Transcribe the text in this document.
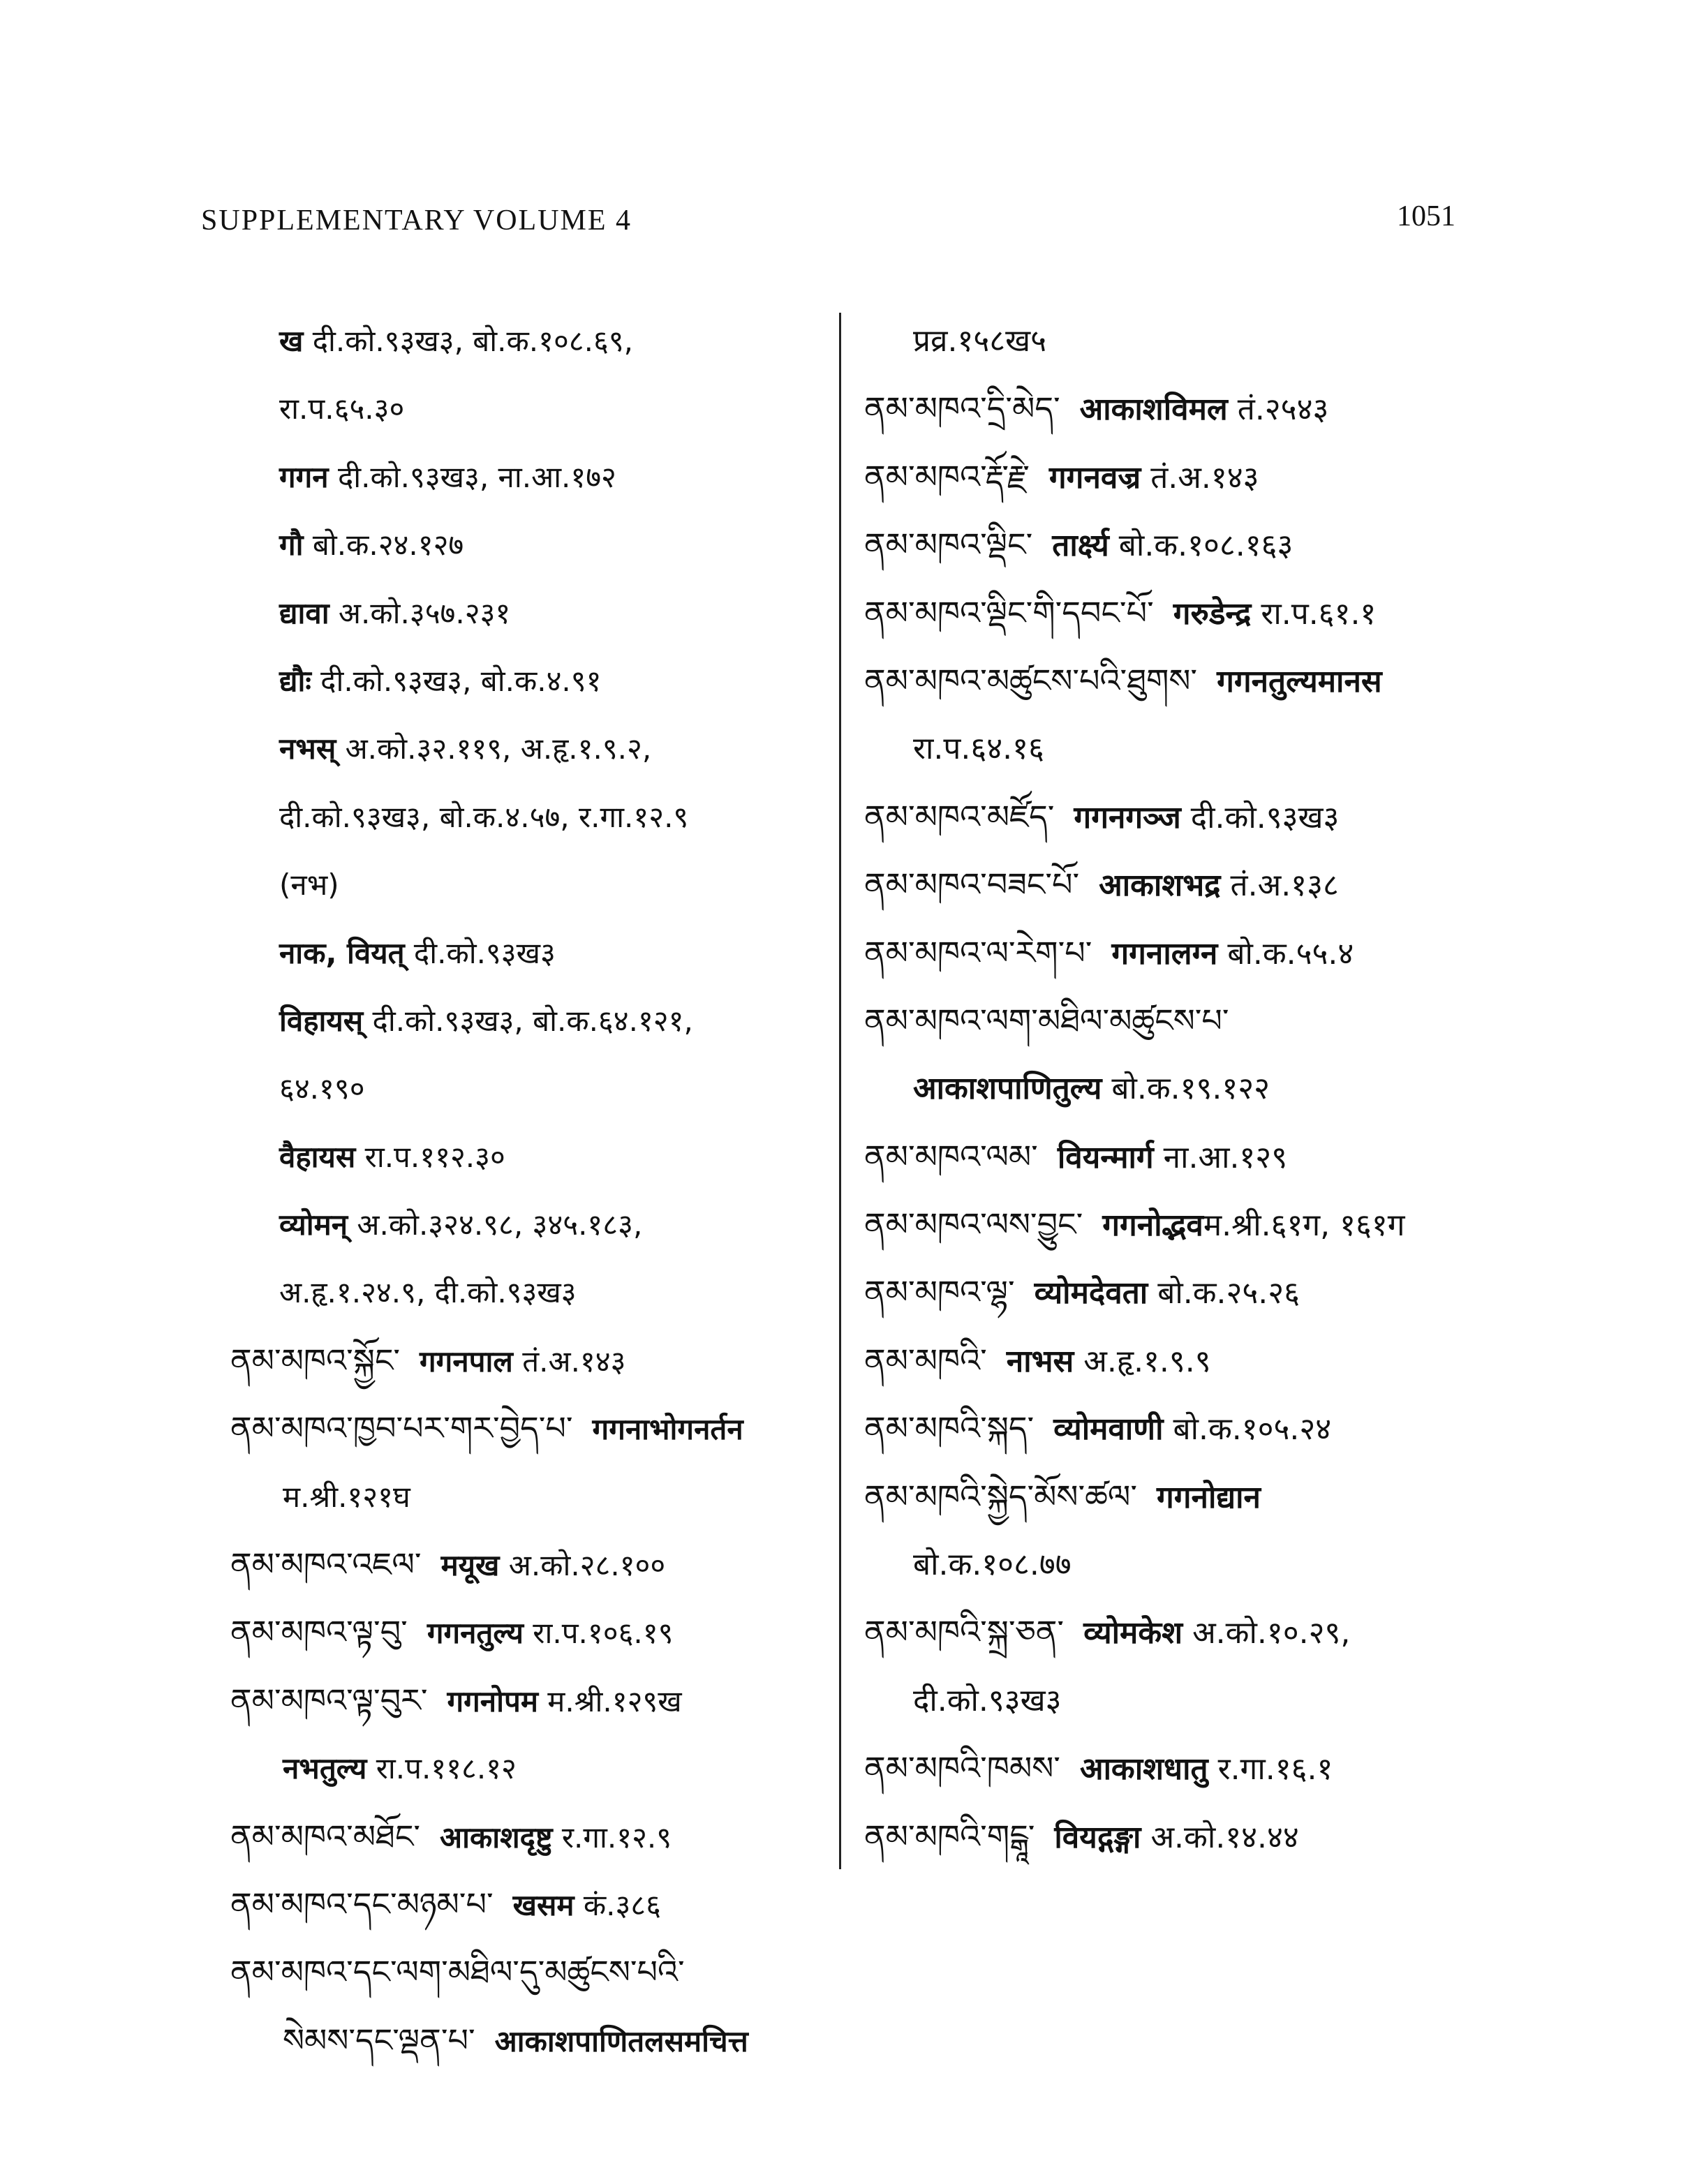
SUPPLEMENTARY VOLUME 4	1051
ख दी.को.९३ख३, बो.क.१०८.६९,
रा.प.६५.३०
गगन दी.को.९३ख३, ना.आ.१७२
गौ बो.क.२४.१२७
द्यावा अ.को.३५७.२३१
द्यौः दी.को.९३ख३, बो.क.४.९१
नभस् अ.को.३२.११९, अ.हृ.१.९.२,
दी.को.९३ख३, बो.क.४.५७, र.गा.१२.९
(नभ)
नाक, वियत् दी.को.९३ख३
विहायस् दी.को.९३ख३, बो.क.६४.१२१,
६४.१९०
वैहायस रा.प.११२.३०
व्योमन् अ.को.३२४.९८, ३४५.१८३,
अ.हृ.१.२४.९, दी.को.९३ख३
ནམ་མཁའ་སྐྱོང་ गगनपाल तं.अ.१४३
ནམ་མཁའ་ཁྱབ་པར་གར་བྱེད་པ་ गगनाभोगनर्तन
म.श्री.१२१घ
ནམ་མཁའ་འཇལ་ मयूख अ.को.२८.१००
ནམ་མཁའ་ལྟ་བུ་ गगनतुल्य रा.प.१०६.१९
ནམ་མཁའ་ལྟ་བུར་ गगनोपम म.श्री.१२९ख
नभतुल्य रा.प.११८.१२
ནམ་མཁའ་མཐོང་ आकाशदृष्टु र.गा.१२.९
ནམ་མཁའ་དང་མཉམ་པ་ खसम कं.३८६
ནམ་མཁའ་དང་ལག་མཐིལ་དུ་མཚུངས་པའི་
སེམས་དང་ལྡན་པ་ आकाशपाणितलसमचित्त
प्रव्र.१५८ख५
ནམ་མཁའ་དྲི་མེད་ आकाशविमल तं.२५४३
ནམ་མཁའ་རྡོ་རྗེ་ गगनवज्र तं.अ.१४३
ནམ་མཁའ་ལྡིང་ तार्क्ष्य बो.क.१०८.१६३
ནམ་མཁའ་ལྡིང་གི་དབང་པོ་ गरुडेन्द्र रा.प.६१.१
ནམ་མཁའ་མཚུངས་པའི་ཐུགས་ गगनतुल्यमानस
रा.प.६४.१६
ནམ་མཁའ་མཛོད་ गगनगञ्ज दी.को.९३ख३
ནམ་མཁའ་བཟང་པོ་ आकाशभद्र तं.अ.१३८
ནམ་མཁའ་ལ་རེག་པ་ गगनालग्न बो.क.५५.४
ནམ་མཁའ་ལག་མཐིལ་མཚུངས་པ་
आकाशपाणितुल्य बो.क.१९.१२२
ནམ་མཁའ་ལམ་ वियन्मार्ग ना.आ.१२९
ནམ་མཁའ་ལས་བྱུང་ गगनोद्भवम.श्री.६१ग, १६१ग
ནམ་མཁའ་ལྷ་ व्योमदेवता बो.क.२५.२६
ནམ་མཁའི་ नाभस अ.हृ.१.९.९
ནམ་མཁའི་སྐད་ व्योमवाणी बो.क.१०५.२४
ནམ་མཁའི་སྐྱེད་མོས་ཚལ་ गगनोद्यान
बो.क.१०८.७७
ནམ་མཁའི་སྐྲ་ཅན་ व्योमकेश अ.को.१०.२९,
दी.को.९३ख३
ནམ་མཁའི་ཁམས་ आकाशधातु र.गा.१६.१
ནམ་མཁའི་གངྒཱ་ वियद्गङ्गा अ.को.१४.४४
